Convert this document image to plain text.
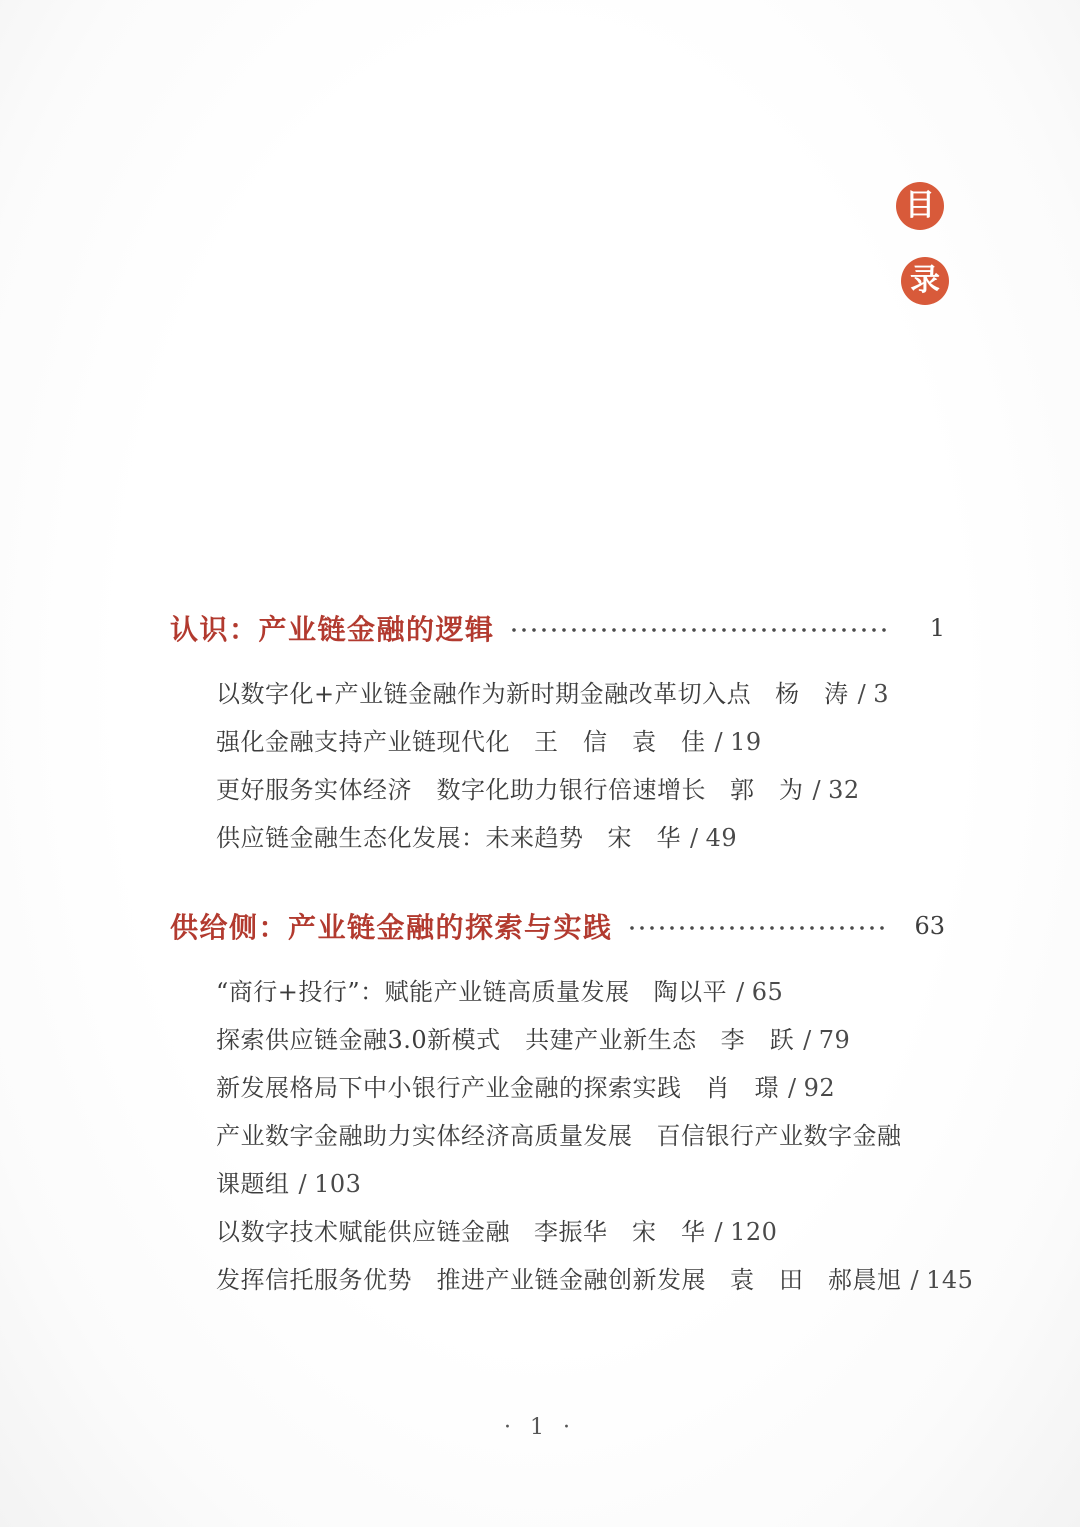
目
录
认识：产业链金融的逻辑	1
以数字化+产业链金融作为新时期金融改革切入点 杨　涛 / 3
强化金融支持产业链现代化 王　信　袁　佳 / 19
更好服务实体经济　数字化助力银行倍速增长 郭　为 / 32
供应链金融生态化发展：未来趋势 宋　华 / 49
供给侧：产业链金融的探索与实践	63
“商行+投行”：赋能产业链高质量发展 陶以平 / 65
探索供应链金融3.0新模式　共建产业新生态 李　跃 / 79
新发展格局下中小银行产业金融的探索实践 肖　璟 / 92
产业数字金融助力实体经济高质量发展 百信银行产业数字金融课题组 / 103
以数字技术赋能供应链金融 李振华　宋　华 / 120
发挥信托服务优势　推进产业链金融创新发展 袁　田　郝晨旭 / 145
· 1 ·
